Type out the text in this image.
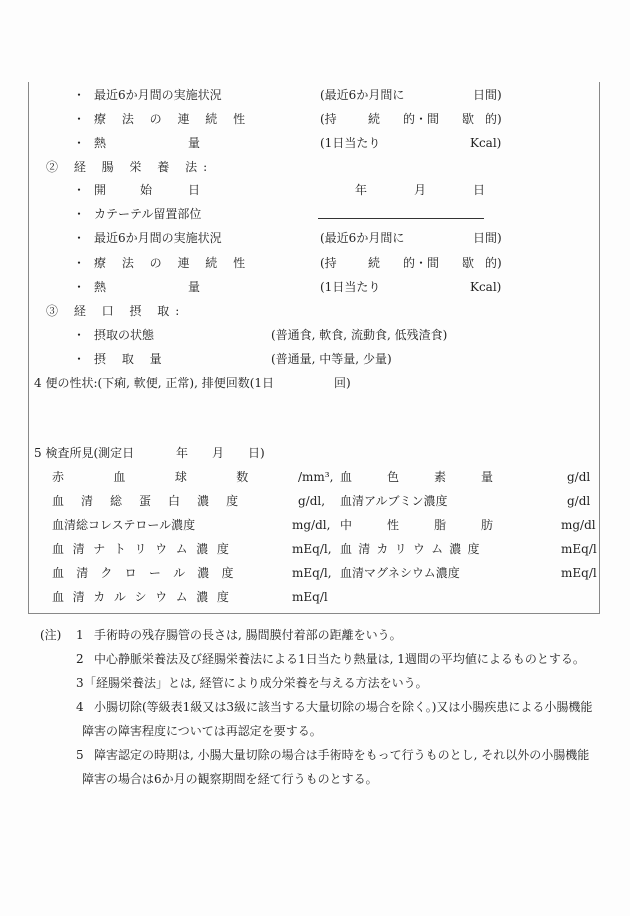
・ 最近6か月間の実施状況	(最近6か月間に	日間)
・ 療 法 の 連 続 性	(持	続 的・間 歇 的)
・ 熱	量	(1日当たり	Kcal)
② 経 腸 栄 養 法:
・ 開	始	日	年	月	日
・ カテーテル留置部位
・ 最近6か月間の実施状況	(最近6か月間に	日間)
・ 療 法 の 連 続 性	(持	続 的・間 歇 的)
・ 熱	量	(1日当たり	Kcal)
③ 経 口 摂 取:
・ 摂取の状態	(普通食, 軟食, 流動食, 低残渣食)
・ 摂 取 量	(普通量, 中等量, 少量)
4 便の性状:(下痢, 軟便, 正常), 排便回数(1日	回)
5 検査所見(測定日	年 月 日)
赤 血 球 数 /mm³, 血 色 素 量	g/dl
血 清 総 蛋 白 濃 度	g/dl, 血清アルブミン濃度	g/dl
血清総コレステロール濃度	mg/dl, 中 性 脂 肪	mg/dl
血 清 ナ ト リ ウ ム 濃 度	mEq/l, 血 清 カ リ ウ ム 濃 度	mEq/l
血 清 ク ロ ー ル 濃 度	mEq/l, 血清マグネシウム濃度	mEq/l
血 清 カ ル シ ウ ム 濃 度	mEq/l
(注) 1 手術時の残存腸管の長さは, 腸間膜付着部の距離をいう。
2 中心静脈栄養法及び経腸栄養法による1日当たり熱量は, 1週間の平均値によるものとする。
3 「経腸栄養法」とは, 経管により成分栄養を与える方法をいう。
4 小腸切除(等級表1級又は3級に該当する大量切除の場合を除く。)又は小腸疾患による小腸機能
障害の障害程度については再認定を要する。
5 障害認定の時期は, 小腸大量切除の場合は手術時をもって行うものとし, それ以外の小腸機能
障害の場合は6か月の観察期間を経て行うものとする。
